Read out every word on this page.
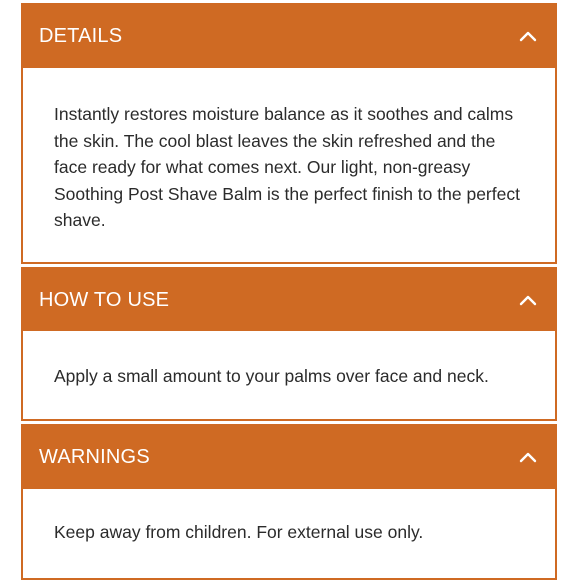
DETAILS
Instantly restores moisture balance as it soothes and calms the skin. The cool blast leaves the skin refreshed and the face ready for what comes next. Our light, non-greasy Soothing Post Shave Balm is the perfect finish to the perfect shave.
HOW TO USE
Apply a small amount to your palms over face and neck.
WARNINGS
Keep away from children. For external use only.
